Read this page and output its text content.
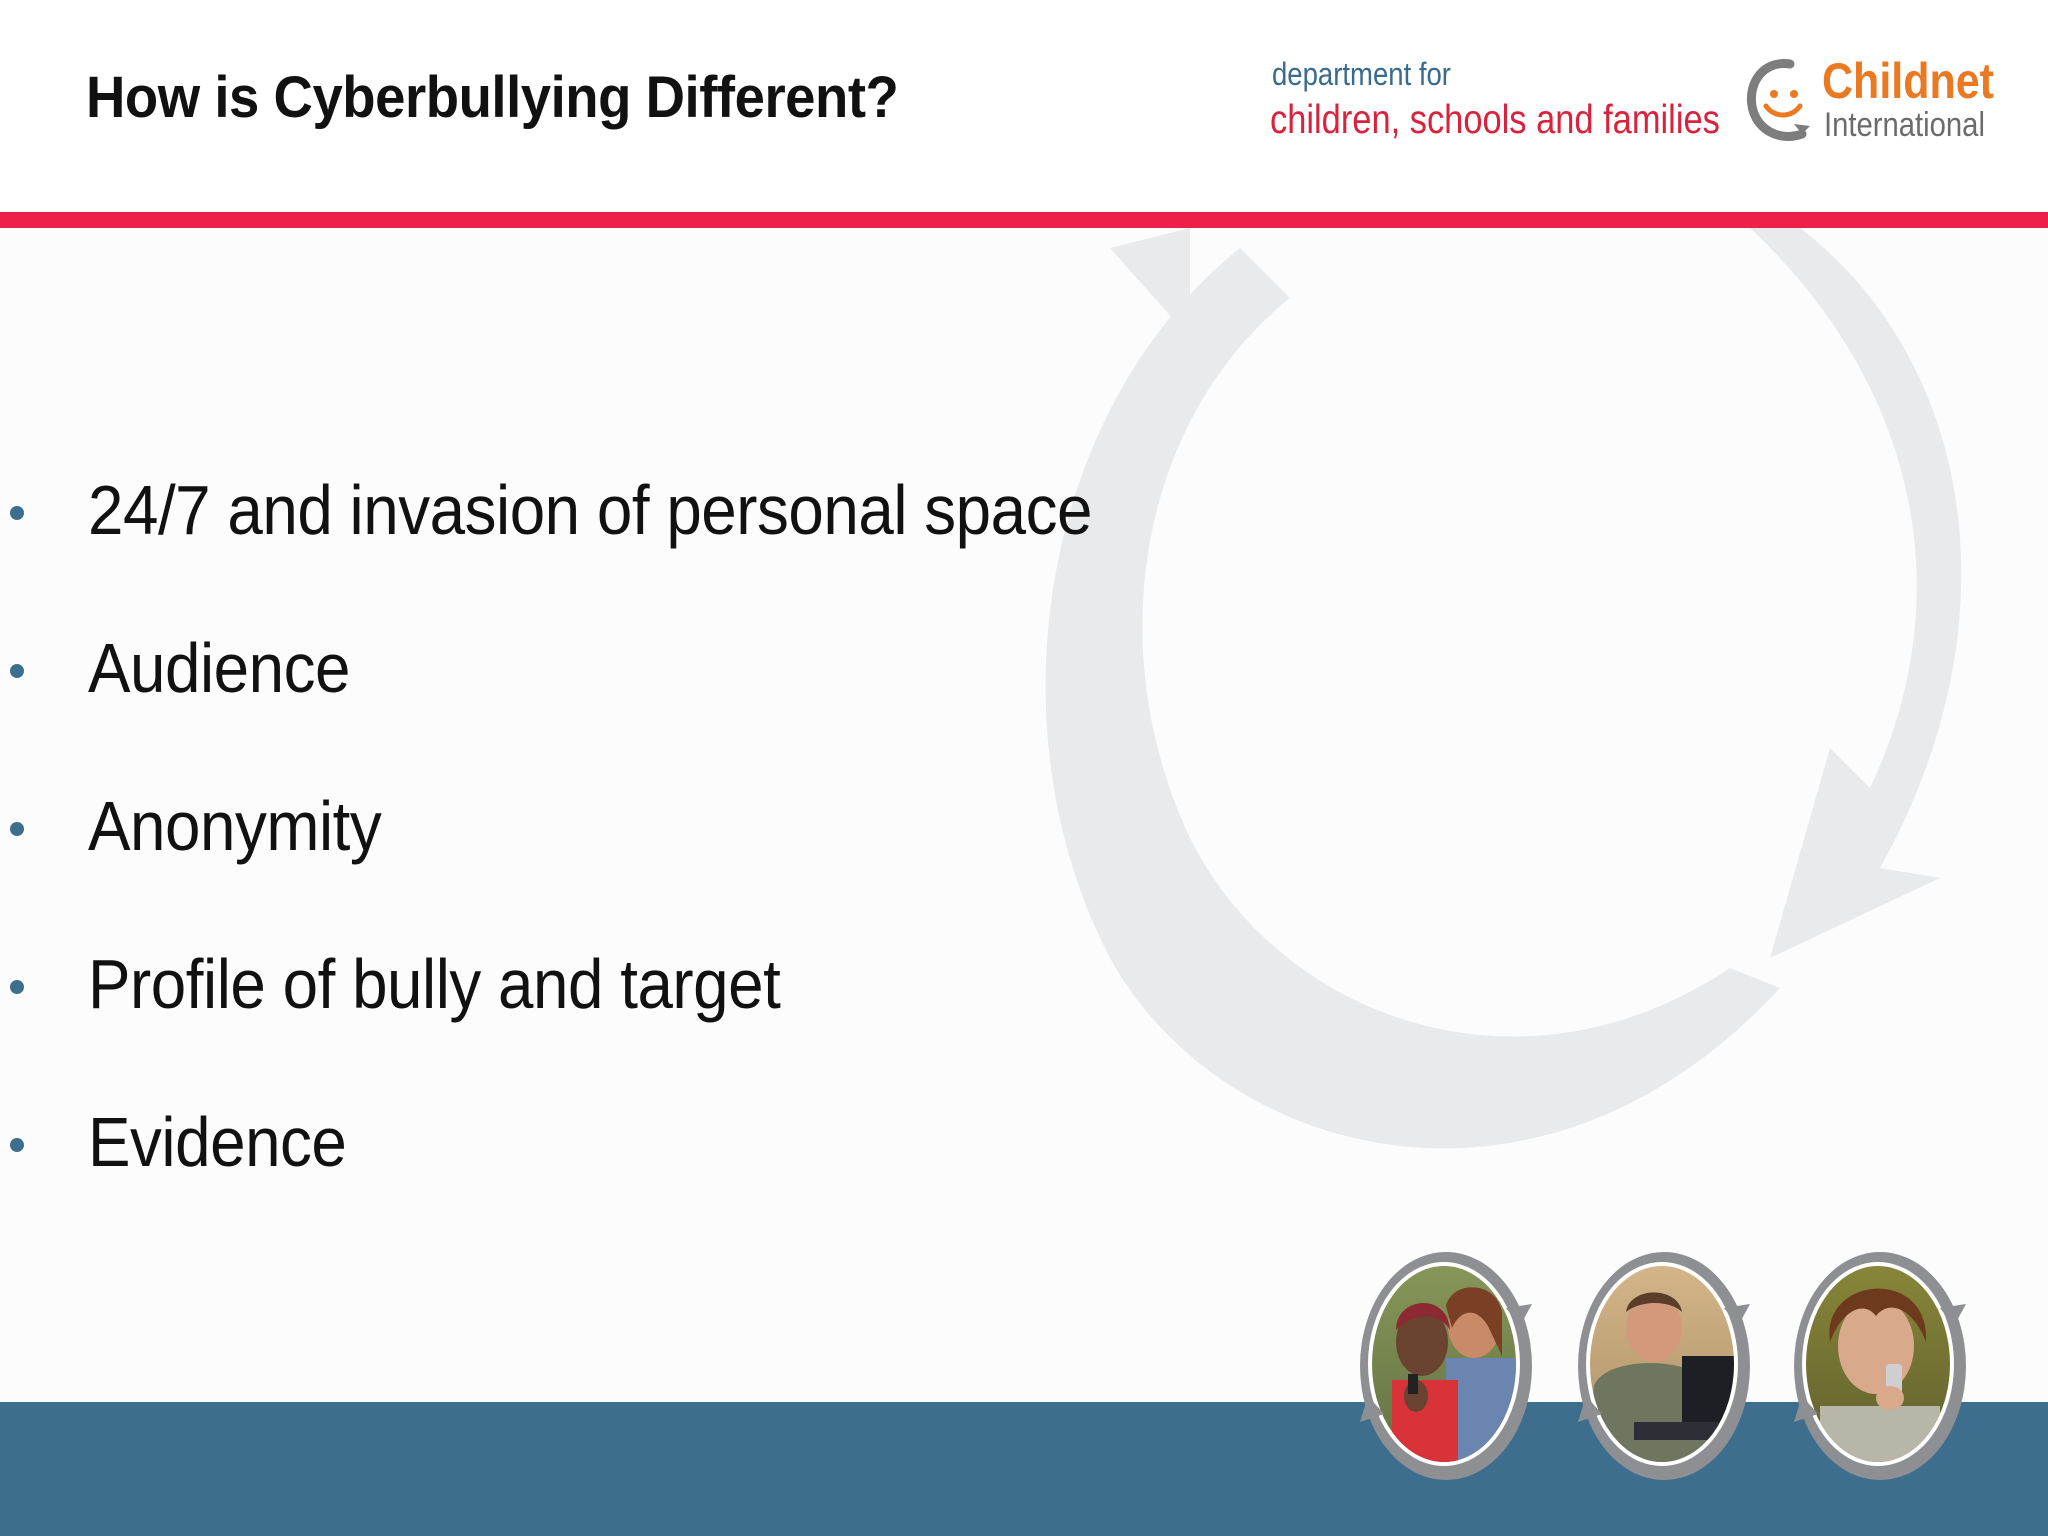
How is Cyberbullying Different?	department for
children, schools and families
Childnet
International
24/7 and invasion of personal space
Audience
Anonymity
Profile of bully and target
Evidence
